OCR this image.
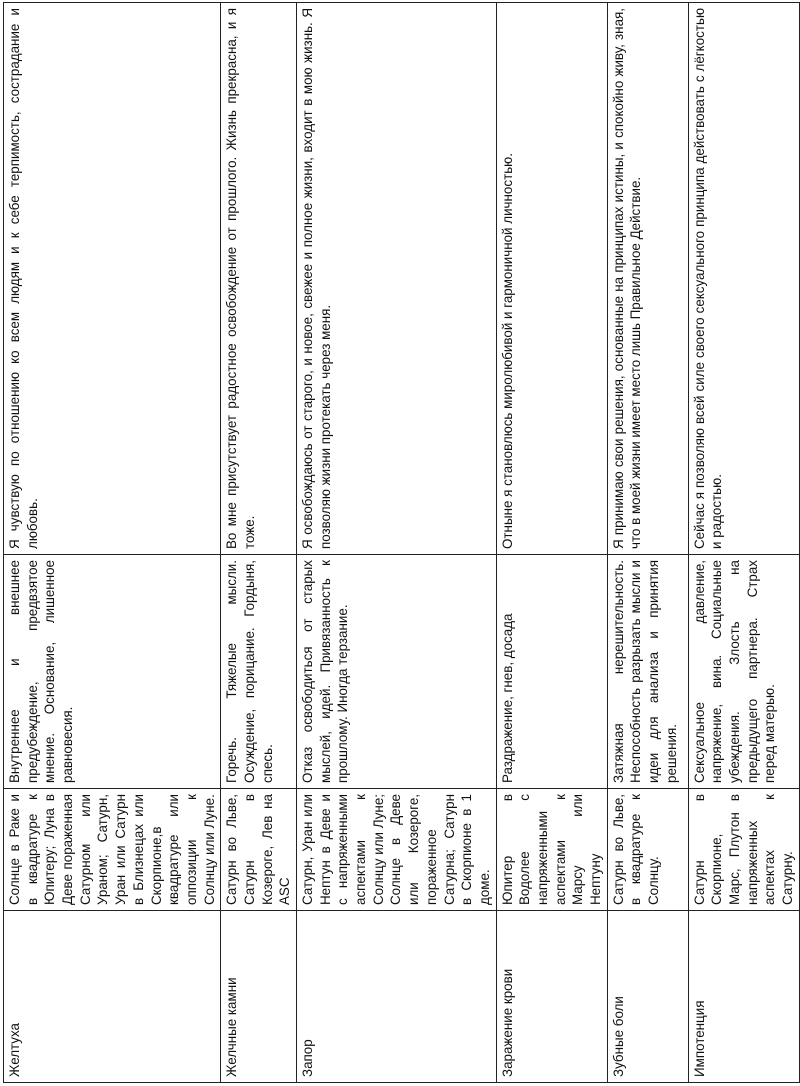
Желтуха	Солнце в Раке и в квадратуре к Юпитеру; Луна в Деве пораженная Сатурном или Ураном; Сатурн, Уран или Сатурн в Близнецах или Скорпионе,в квадратуре или оппозиции к Солнцу или Луне.	Внутреннее и внешнее предубеждение, предвзятое мнение. Основание, лишенное равновесия.	Я чувствую по отношению ко всем людям и к себе терпимость, сострадание и любовь.
Желчные камни	Сатурн во Льве, Сатурн в Козероге, Лев на ASC	Горечь. Тяжелые мысли. Осуждение, порицание. Гордыня, спесь.	Во мне присутствует радостное освобождение от прошлого. Жизнь прекрасна, и я тоже.
Запор	Сатурн, Уран или Нептун в Деве и с напряженными аспектами к Солнцу или Луне; Солнце в Деве или Козероге, пораженное Сатурна; Сатурн в Скорпионе в 1 доме.	Отказ освободиться от старых мыслей, идей. Привязанность к прошлому. Иногда терзание.	Я освобождаюсь от старого, и новое, свежее и полное жизни, входит в мою жизнь. Я позволяю жизни протекать через меня.
Заражение крови	Юпитер в Водолее с напряженными аспектами к Марсу или Нептуну	Раздражение, гнев, досада	Отныне я становлюсь миролюбивой и гармоничной личностью.
Зубные боли	Сатурн во Льве, в квадратуре к Солнцу.	Затяжная нерешительность. Неспособность разрызать мысли и идеи для анализа и принятия решения.	Я принимаю свои решения, основанные на принципах истины, и спокойно живу, зная, что в моей жизни имеет место лишь Правильное Действие.
Импотенция	Сатурн в Скорпионе, Марс, Плутон в напряженных аспектах к Сатурну.	Сексуальное давление, напряжение, вина. Социальные убеждения. Злость на предыдущего партнера. Страх перед матерью.	Сейчас я позволяю всей силе своего сексуального принципа действовать с лёгкостью и радостью.
